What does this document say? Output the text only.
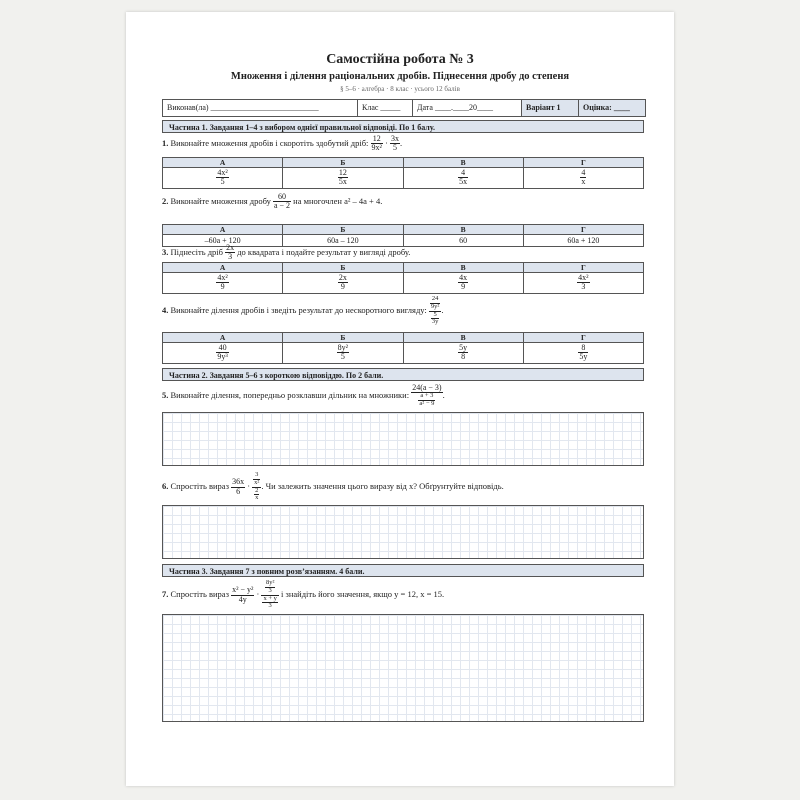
Самостійна робота № 3
Множення і ділення раціональних дробів. Піднесення дробу до степеня
§ 5–6 · алгебра · 8 клас · усього 12 балів
Виконав(ла) ___________________________	Клас _____	Дата ____.____20____	Варіант 1	Оцінка: ____
Частина 1. Завдання 1–4 з вибором однієї правильної відповіді. По 1 балу.
1. Виконайте множення дробів і скоротіть здобутий дріб: $\frac{12}{\text{9x²}} \cdot \frac{3x}{5}$ .
А	Б	В	Г

$\frac{\text{4x²}}{5}$	$\frac{12}{5x}$	$\frac{4}{5x}$	$\frac{4}{x}$
2. Виконайте множення дробу $\frac{60}{a - 2}$ на многочлен a² – 4a + 4.
А	Б	В	Г
–60a + 120	60a – 120	60	60a + 120
3. Піднесіть дріб $\frac{2x}{3}$ до квадрата і подайте результат у вигляді дробу.
А	Б	В	Г

$\frac{\text{4x²}}{9}$	$\frac{2x}{9}$	$\frac{4x}{9}$	$\frac{\text{4x²}}{3}$
4. Виконайте ділення дробів і зведіть результат до нескоротного вигляду: $\frac{\frac{24}{\text{9y²}}}{\frac{5}{3y}}$ .
А	Б	В	Г

$\frac{40}{\text{9y³}}$	$\frac{\text{8y²}}{5}$	$\frac{5y}{8}$	$\frac{8}{5y}$
Частина 2. Завдання 5–6 з короткою відповіддю. По 2 бали.
5. Виконайте ділення, попередньо розклавши дільник на множники: $\frac{24(a - 3)}{\frac{a + 3}{\text{a² − 9}}}$ .
6. Спростіть вираз $\frac{36x}{6} \cdot \frac{\frac{3}{\text{x²}}}{\frac{2}{x}}$ . Чи залежить значення цього виразу від x? Обґрунтуйте відповідь.
Частина 3. Завдання 7 з повним розв’язанням. 4 бали.
7. Спростіть вираз $\frac{\text{x² − y²}}{4y} \cdot \frac{\frac{\text{8y²}}{3}}{\frac{x + y}{3}}$ і знайдіть його значення, якщо y = 12, x = 15.
